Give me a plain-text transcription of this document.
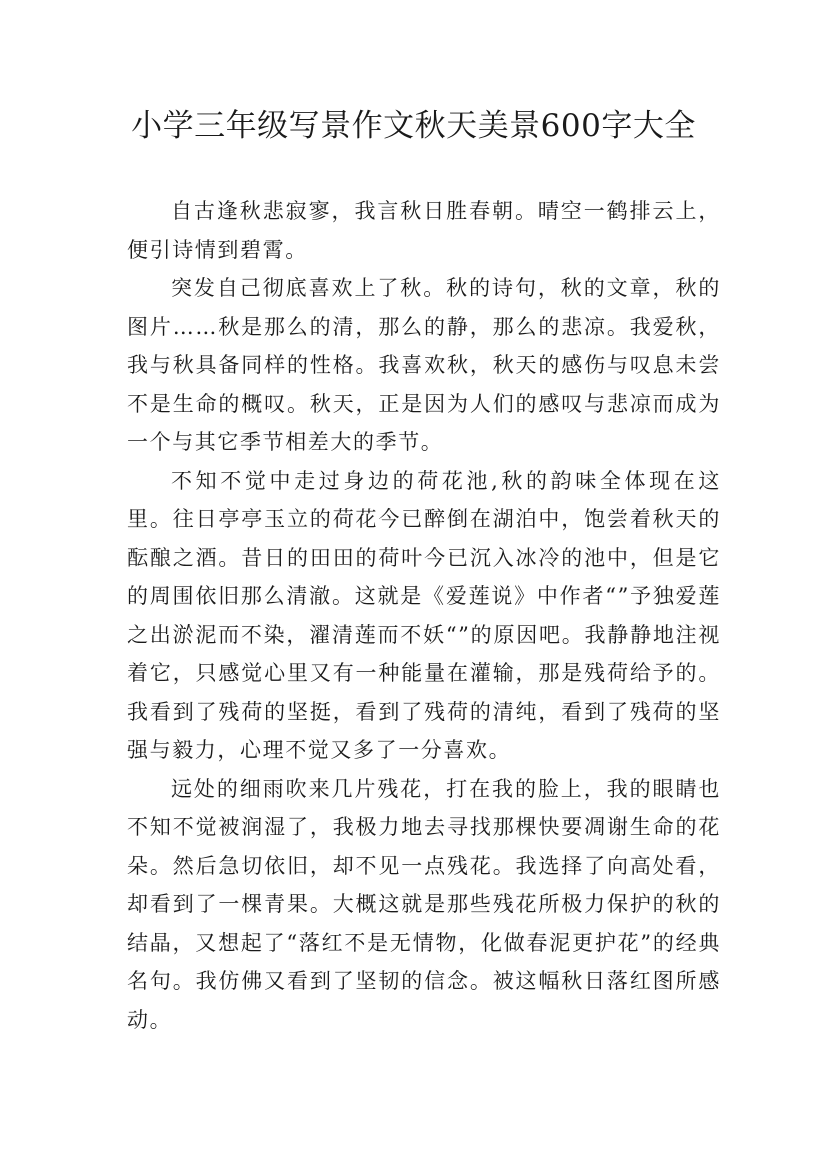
小学三年级写景作文秋天美景600字大全

自古逢秋悲寂寥，我言秋日胜春朝。晴空一鹤排云上，便引诗情到碧霄。

突发自己彻底喜欢上了秋。秋的诗句，秋的文章，秋的图片……秋是那么的清，那么的静，那么的悲凉。我爱秋，我与秋具备同样的性格。我喜欢秋，秋天的感伤与叹息未尝不是生命的概叹。秋天，正是因为人们的感叹与悲凉而成为一个与其它季节相差大的季节。

不知不觉中走过身边的荷花池,秋的韵味全体现在这里。往日亭亭玉立的荷花今已醉倒在湖泊中，饱尝着秋天的酝酿之酒。昔日的田田的荷叶今已沉入冰冷的池中，但是它的周围依旧那么清澈。这就是《爱莲说》中作者“”予独爱莲之出淤泥而不染，濯清莲而不妖“”的原因吧。我静静地注视着它，只感觉心里又有一种能量在灌输，那是残荷给予的。我看到了残荷的坚挺，看到了残荷的清纯，看到了残荷的坚强与毅力，心理不觉又多了一分喜欢。

远处的细雨吹来几片残花，打在我的脸上，我的眼睛也不知不觉被润湿了，我极力地去寻找那棵快要凋谢生命的花朵。然后急切依旧，却不见一点残花。我选择了向高处看，却看到了一棵青果。大概这就是那些残花所极力保护的秋的结晶，又想起了“落红不是无情物，化做春泥更护花”的经典名句。我仿佛又看到了坚韧的信念。被这幅秋日落红图所感动。
